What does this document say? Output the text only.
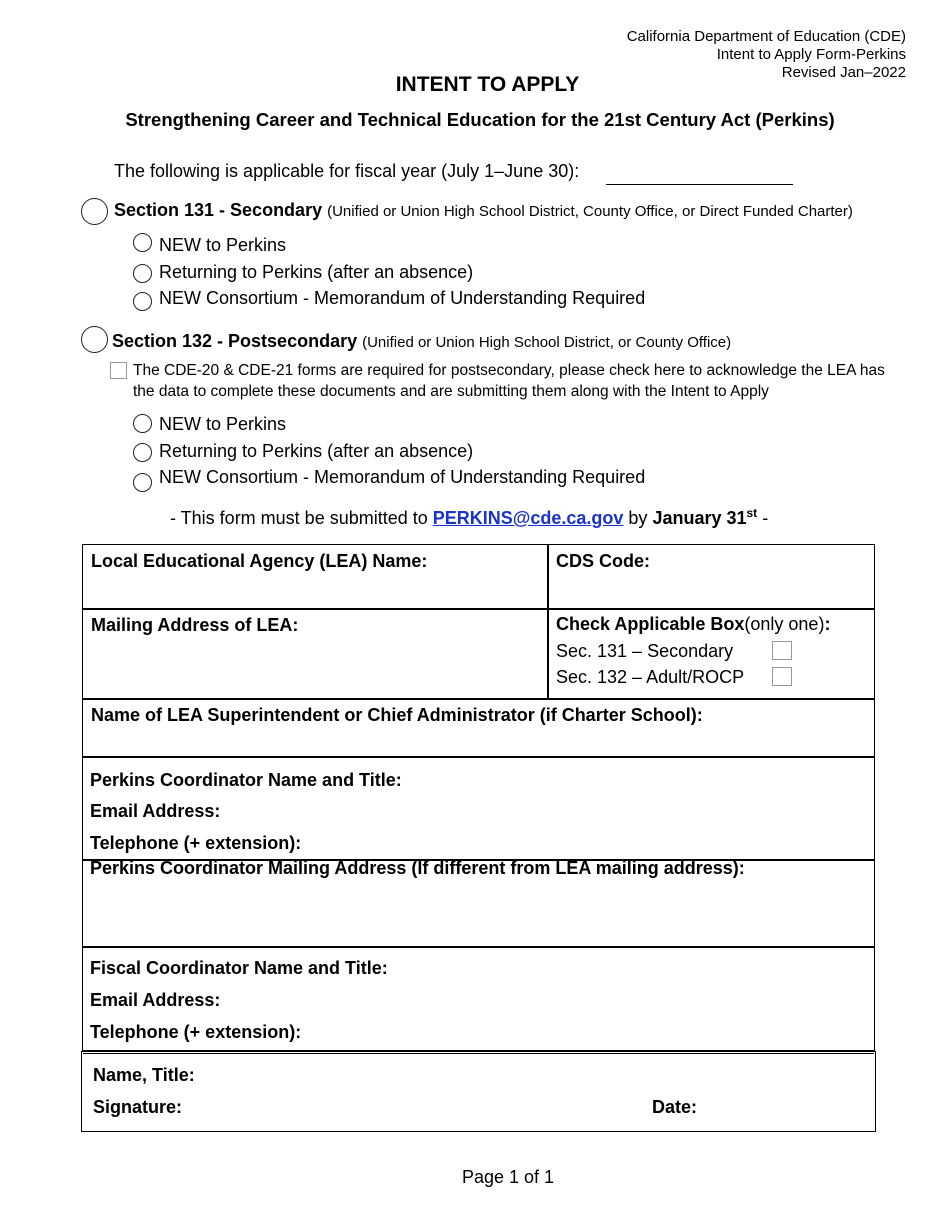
California Department of Education (CDE)
Intent to Apply Form-Perkins
Revised Jan–2022
INTENT TO APPLY
Strengthening Career and Technical Education for the 21st Century Act (Perkins)
The following is applicable for fiscal year (July 1–June 30):
Section 131 - Secondary (Unified or Union High School District, County Office, or Direct Funded Charter)
NEW to Perkins
Returning to Perkins (after an absence)
NEW Consortium - Memorandum of Understanding Required
Section 132 - Postsecondary (Unified or Union High School District, or County Office)
The CDE-20 & CDE-21 forms are required for postsecondary, please check here to acknowledge the LEA has the data to complete these documents and are submitting them along with the Intent to Apply
NEW to Perkins
Returning to Perkins (after an absence)
NEW Consortium - Memorandum of Understanding Required
- This form must be submitted to PERKINS@cde.ca.gov by January 31st -
Local Educational Agency (LEA) Name:	CDS Code:
Mailing Address of LEA:	Check Applicable Box(only one):
Sec. 131 – Secondary
Sec. 132 – Adult/ROCP
Name of LEA Superintendent or Chief Administrator (if Charter School):
Perkins Coordinator Name and Title:
Email Address:
Telephone (+ extension):
Perkins Coordinator Mailing Address (If different from LEA mailing address):
Fiscal Coordinator Name and Title:
Email Address:
Telephone (+ extension):
Name, Title:
Signature:	Date:
Page 1 of 1
